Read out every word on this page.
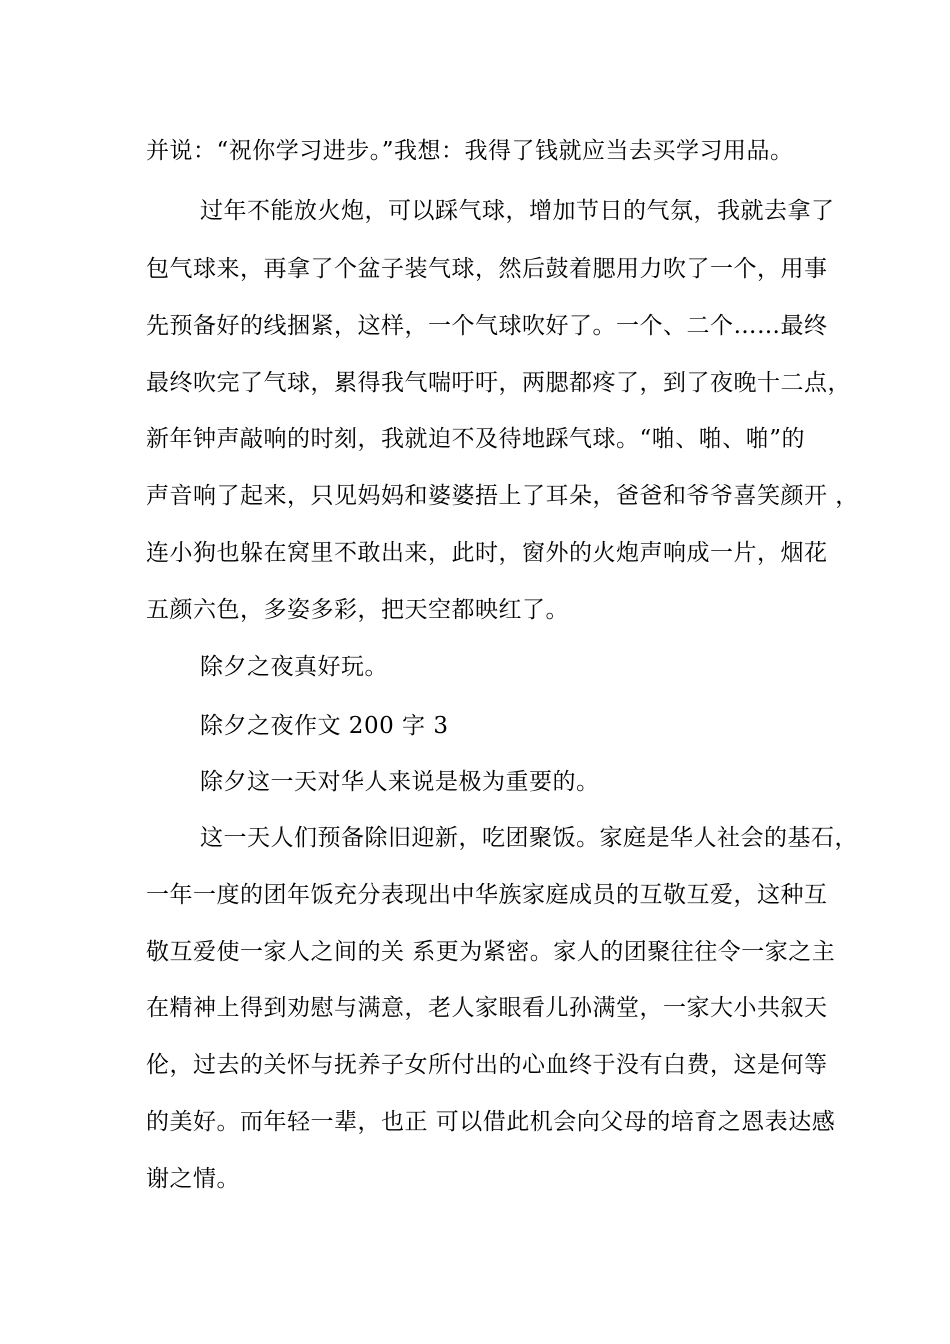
并说：“祝你学习进步。”我想：我得了钱就应当去买学习用品。

过年不能放火炮，可以踩气球，增加节日的气氛，我就去拿了

包气球来，再拿了个盆子装气球，然后鼓着腮用力吹了一个，用事

先预备好的线捆紧，这样，一个气球吹好了。一个、二个……最终

最终吹完了气球，累得我气喘吁吁，两腮都疼了，到了夜晚十二点，

新年钟声敲响的时刻，我就迫不及待地踩气球。“啪、啪、啪”的

声音响了起来，只见妈妈和婆婆捂上了耳朵，爸爸和爷爷喜笑颜开 ，

连小狗也躲在窝里不敢出来，此时，窗外的火炮声响成一片，烟花

五颜六色，多姿多彩，把天空都映红了。

除夕之夜真好玩。

除夕之夜作文 200 字 3

除夕这一天对华人来说是极为重要的。

这一天人们预备除旧迎新，吃团聚饭。家庭是华人社会的基石，

一年一度的团年饭充分表现出中华族家庭成员的互敬互爱，这种互

敬互爱使一家人之间的关 系更为紧密。家人的团聚往往令一家之主

在精神上得到劝慰与满意，老人家眼看儿孙满堂，一家大小共叙天

伦，过去的关怀与抚养子女所付出的心血终于没有白费，这是何等

的美好。而年轻一辈，也正 可以借此机会向父母的培育之恩表达感

谢之情。
